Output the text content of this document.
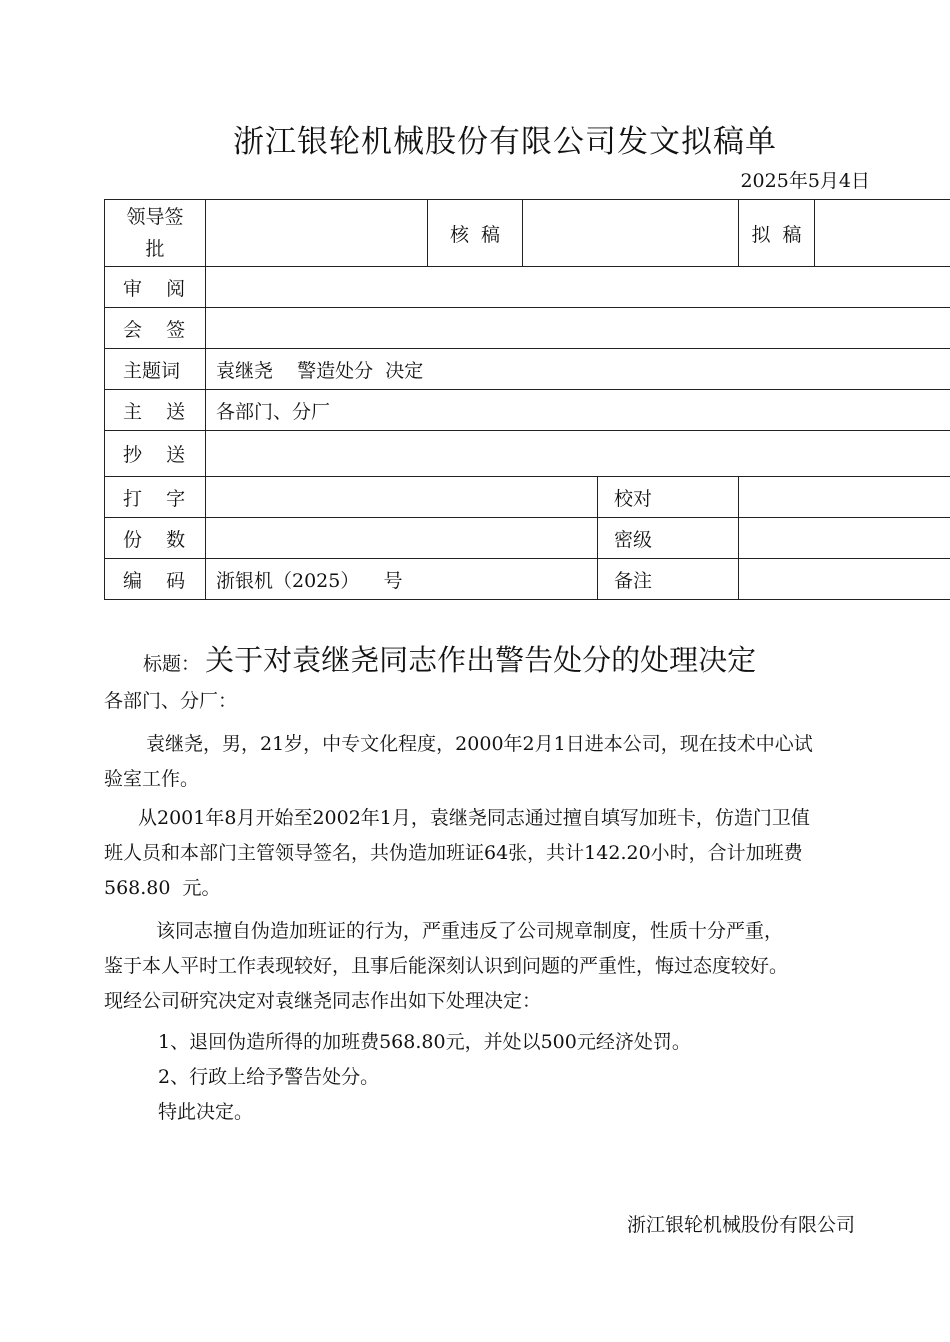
浙江银轮机械股份有限公司发文拟稿单
2025年5月4日
领导签批		核  稿			拟  稿	
审    阅						
会    签						
主题词	袁继尧    警造处分  决定					
主    送	各部门、分厂					
抄    送						
打    字				校对		
份    数				密级		
编    码	浙银机（2025）    号			备注		
标题： 关于对袁继尧同志作出警告处分的处理决定

各部门、分厂：

袁继尧，男，21岁，中专文化程度，2000年2月1日进本公司，现在技术中心试

验室工作。

从2001年8月开始至2002年1月，袁继尧同志通过擅自填写加班卡，仿造门卫值

班人员和本部门主管领导签名，共伪造加班证64张，共计142.20小时，合计加班费

568.80  元。

该同志擅自伪造加班证的行为，严重违反了公司规章制度，性质十分严重，

鉴于本人平时工作表现较好，且事后能深刻认识到问题的严重性，悔过态度较好。

现经公司研究决定对袁继尧同志作出如下处理决定：

1、退回伪造所得的加班费568.80元，并处以500元经济处罚。

2、行政上给予警告处分。

特此决定。

浙江银轮机械股份有限公司
